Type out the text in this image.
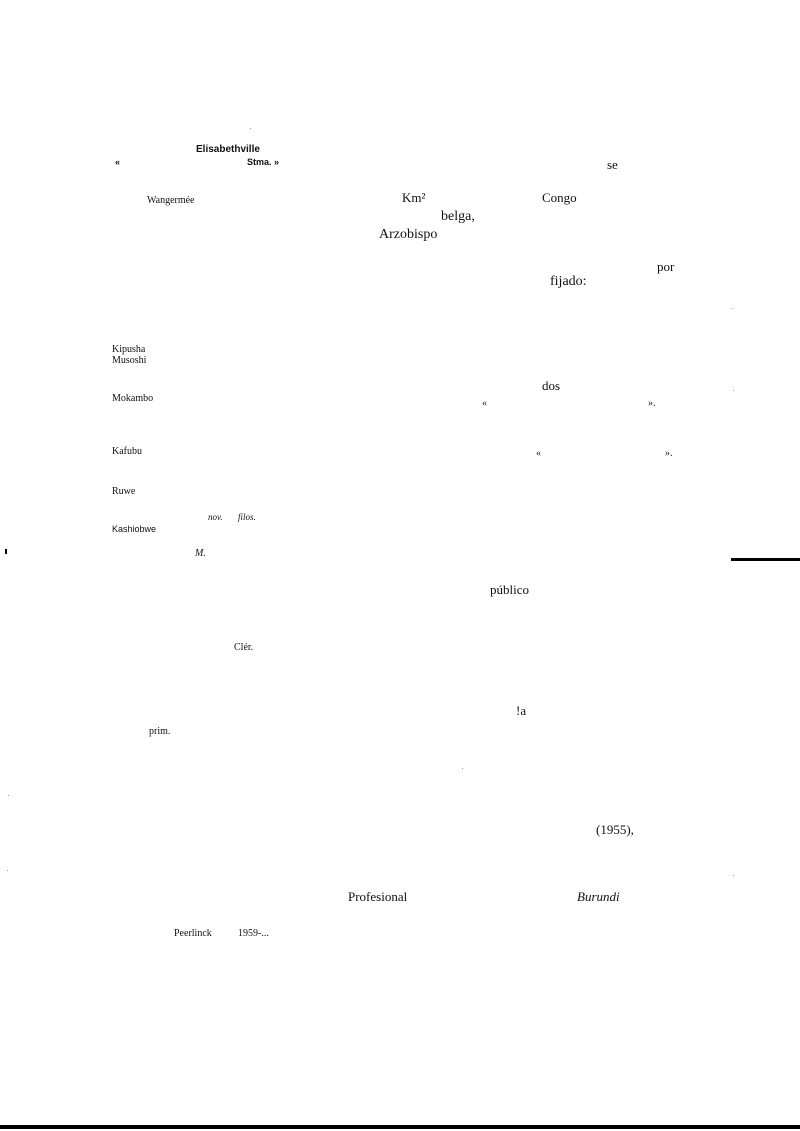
Elisabethville
«	Stma. »
Wangermée
Kipusha
Musoshi
Mokambo
Kafubu
Ruwe
nov. filos.
Kashiobwe
M.
Clér.
prim.
Peerlinck	1959-...
se
Km²	Congo
belga,
Arzobispo
por
fijado:
dos
«	».
«	».
público
!a
(1955),
Profesional	Burundi
